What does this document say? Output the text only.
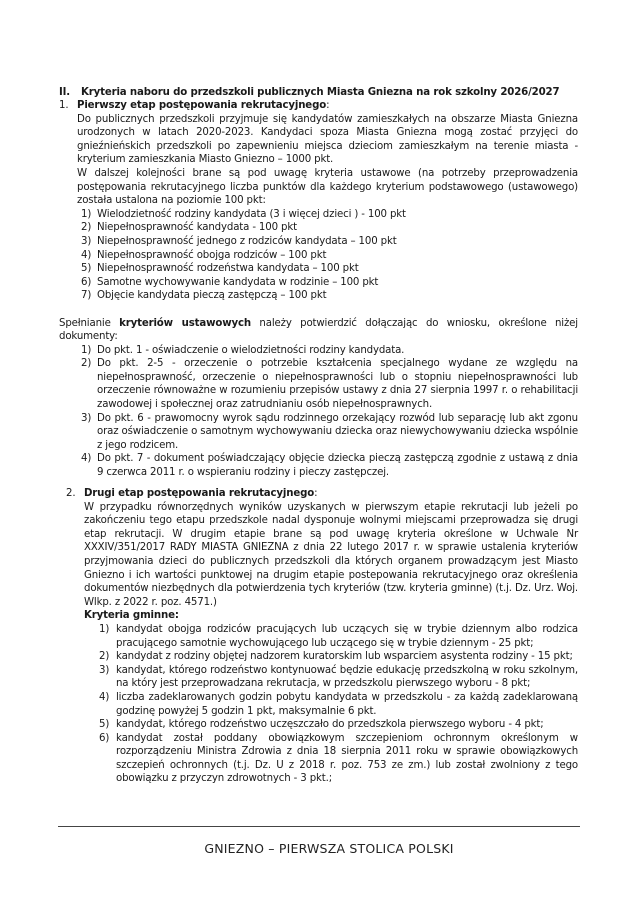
II. Kryteria naboru do przedszkoli publicznych Miasta Gniezna na rok szkolny 2026/2027
1. Pierwszy etap postępowania rekrutacyjnego:
Do publicznych przedszkoli przyjmuje się kandydatów zamieszkałych na obszarze Miasta Gniezna urodzonych w latach 2020-2023. Kandydaci spoza Miasta Gniezna mogą zostać przyjęci do gnieźnieńskich przedszkoli po zapewnieniu miejsca dzieciom zamieszkałym na terenie miasta - kryterium zamieszkania Miasto Gniezno – 1000 pkt.
W dalszej kolejności brane są pod uwagę kryteria ustawowe (na potrzeby przeprowadzenia postępowania rekrutacyjnego liczba punktów dla każdego kryterium podstawowego (ustawowego) została ustalona na poziomie 100 pkt:
1) Wielodzietność rodziny kandydata (3 i więcej dzieci ) - 100 pkt
2) Niepełnosprawność kandydata - 100 pkt
3) Niepełnosprawność jednego z rodziców kandydata – 100 pkt
4) Niepełnosprawność obojga rodziców – 100 pkt
5) Niepełnosprawność rodzeństwa kandydata – 100 pkt
6) Samotne wychowywanie kandydata w rodzinie – 100 pkt
7) Objęcie kandydata pieczą zastępczą – 100 pkt
Spełnianie kryteriów ustawowych należy potwierdzić dołączając do wniosku, określone niżej dokumenty:
1) Do pkt. 1 - oświadczenie o wielodzietności rodziny kandydata.
2) Do pkt. 2-5 - orzeczenie o potrzebie kształcenia specjalnego wydane ze względu na niepełnosprawność, orzeczenie o niepełnosprawności lub o stopniu niepełnosprawności lub orzeczenie równoważne w rozumieniu przepisów ustawy z dnia 27 sierpnia 1997 r. o rehabilitacji zawodowej i społecznej oraz zatrudnianiu osób niepełnosprawnych.
3) Do pkt. 6 - prawomocny wyrok sądu rodzinnego orzekający rozwód lub separację lub akt zgonu oraz oświadczenie o samotnym wychowywaniu dziecka oraz niewychowywaniu dziecka wspólnie z jego rodzicem.
4) Do pkt. 7 - dokument poświadczający objęcie dziecka pieczą zastępczą zgodnie z ustawą z dnia 9 czerwca 2011 r. o wspieraniu rodziny i pieczy zastępczej.
2. Drugi etap postępowania rekrutacyjnego:
W przypadku równorzędnych wyników uzyskanych w pierwszym etapie rekrutacji lub jeżeli po zakończeniu tego etapu przedszkole nadal dysponuje wolnymi miejscami przeprowadza się drugi etap rekrutacji. W drugim etapie brane są pod uwagę kryteria określone w Uchwale Nr XXXIV/351/2017 RADY MIASTA GNIEZNA z dnia 22 lutego 2017 r. w sprawie ustalenia kryteriów przyjmowania dzieci do publicznych przedszkoli dla których organem prowadzącym jest Miasto Gniezno i ich wartości punktowej na drugim etapie postepowania rekrutacyjnego oraz określenia dokumentów niezbędnych dla potwierdzenia tych kryteriów (tzw. kryteria gminne) (t.j. Dz. Urz. Woj. Wlkp. z 2022 r. poz. 4571.)
Kryteria gminne:
1) kandydat obojga rodziców pracujących lub uczących się w trybie dziennym albo rodzica pracującego samotnie wychowującego lub uczącego się w trybie dziennym - 25 pkt;
2) kandydat z rodziny objętej nadzorem kuratorskim lub wsparciem asystenta rodziny - 15 pkt;
3) kandydat, którego rodzeństwo kontynuować będzie edukację przedszkolną w roku szkolnym, na który jest przeprowadzana rekrutacja, w przedszkolu pierwszego wyboru - 8 pkt;
4) liczba zadeklarowanych godzin pobytu kandydata w przedszkolu - za każdą zadeklarowaną godzinę powyżej 5 godzin 1 pkt, maksymalnie 6 pkt.
5) kandydat, którego rodzeństwo uczęszczało do przedszkola pierwszego wyboru - 4 pkt;
6) kandydat został poddany obowiązkowym szczepieniom ochronnym określonym w rozporządzeniu Ministra Zdrowia z dnia 18 sierpnia 2011 roku w sprawie obowiązkowych szczepień ochronnych (t.j. Dz. U z 2018 r. poz. 753 ze zm.) lub został zwolniony z tego obowiązku z przyczyn zdrowotnych - 3 pkt.;
GNIEZNO – PIERWSZA STOLICA POLSKI
